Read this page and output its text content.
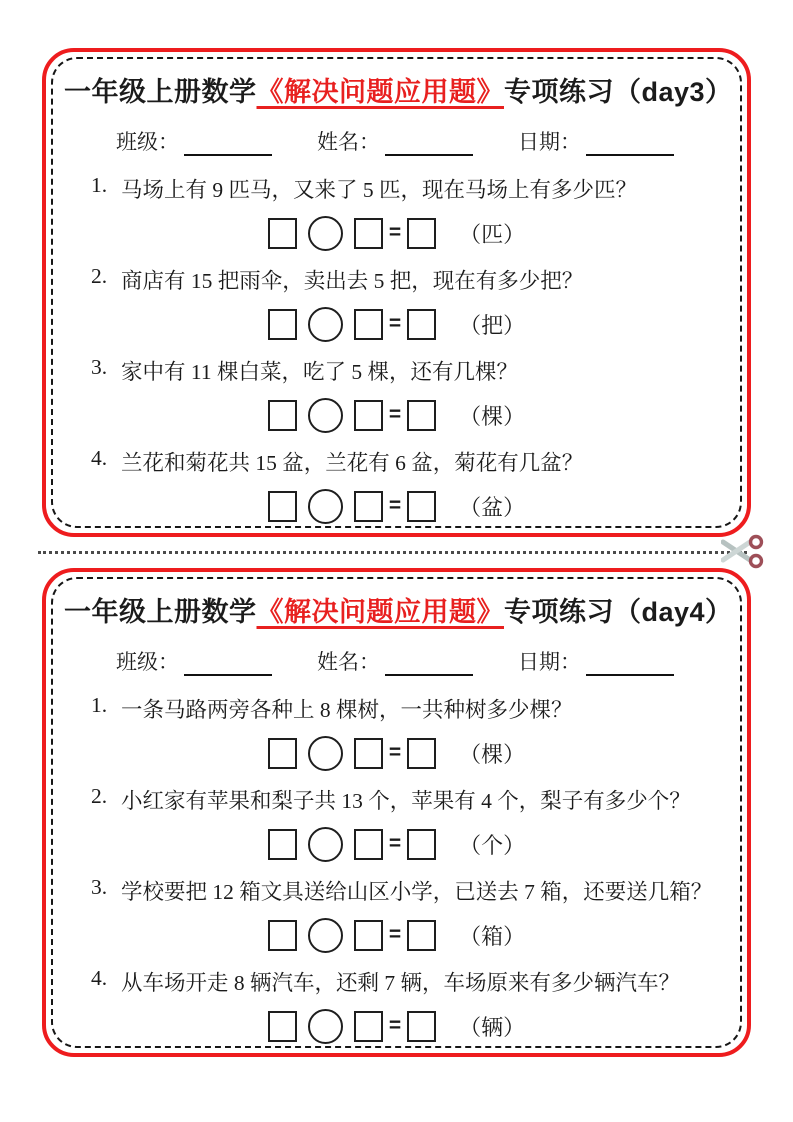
一年级上册数学《解决问题应用题》专项练习（day3）
班级：	姓名：	日期：
1. 马场上有 9 匹马，又来了 5 匹，现在马场上有多少匹？
=	（匹）
2. 商店有 15 把雨伞，卖出去 5 把，现在有多少把？
=	（把）
3. 家中有 11 棵白菜，吃了 5 棵，还有几棵？
=	（棵）
4. 兰花和菊花共 15 盆，兰花有 6 盆，菊花有几盆？
=	（盆）
一年级上册数学《解决问题应用题》专项练习（day4）
班级：	姓名：	日期：
1. 一条马路两旁各种上 8 棵树，一共种树多少棵？
=	（棵）
2. 小红家有苹果和梨子共 13 个，苹果有 4 个，梨子有多少个？
=	（个）
3. 学校要把 12 箱文具送给山区小学，已送去 7 箱，还要送几箱？
=	（箱）
4. 从车场开走 8 辆汽车，还剩 7 辆，车场原来有多少辆汽车？
=	（辆）
